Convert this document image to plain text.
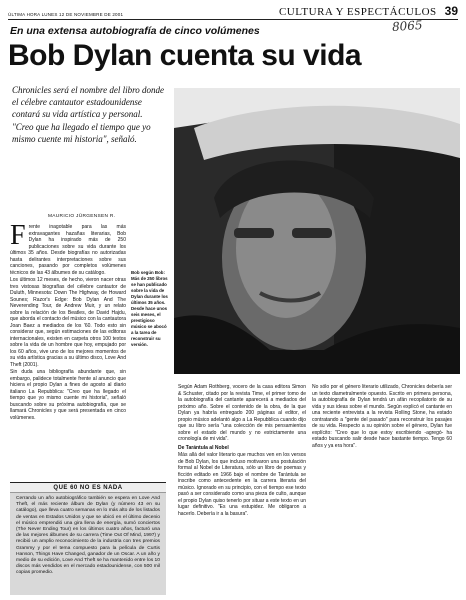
ÚLTIMA HORA LUNES 12 DE NOVIEMBRE DE 2001	CULTURA Y ESPECTÁCULOS 39
8065
En una extensa autobiografía de cinco volúmenes
Bob Dylan cuenta su vida
Chronicles será el nombre del libro donde el célebre cantautor estadounidense contará su vida artística y personal. "Creo que ha llegado el tiempo que yo mismo cuente mi historia", señaló.
MAURICIO JÜRGENSEN R.
Bob según Bob: Más de 250 libros se han publicado sobre la vida de Dylan durante los últimos 35 años. Desde hace unos seis meses, el prestigioso músico se abocó a la tarea de reconstruir su versión.
F rente inagotable para las más extravagantes hazañas literarias, Bob Dylan ha inspirado más de 250 publicaciones sobre su vida durante los últimos 35 años. Desde biografías no autorizadas hasta delirantes interpretaciones sobre sus canciones, pasando por completos volúmenes técnicos de las 43 álbumes de su catálogo.

Los últimos 12 meses, de hecho, vieron nacer otras tres vistosas biografías del célebre cantautor de Duluth, Minnesota: Down The Highway, de Howard Sounes; Razor's Edge: Bob Dylan And The Neverending Tour, de Andrew Muir, y un relato sobre la relación de los Beatles, de David Hajdu, que aborda el contacto del músico con la cantautora Joan Baez a mediados de los '60. Todo esto sin considerar que, según estimaciones de las editoras internacionales, existen en carpeta otros 100 textos sobre la vida de un hombre que hoy, empujado por los 60 años, vive uno de los mejores momentos de su vida artística gracias a su último disco, Love And Theft (2001).

Sin duda una bibliografía abundante que, sin embargo, palidece totalmente frente al anuncio que hiciera el propio Dylan a fines de agosto al diario italiano La Repubblica: "Creo que ha llegado el tiempo que yo mismo cuente mi historia", señaló buscando sobre su próxima autobiografía, que se llamará Chronicles y que será presentada en cinco volúmenes.

Según Adam Rothberg, vocero de la casa editora Simon & Schuster, citado por la revista Time, el primer tomo de la autobiografía del cantante aparecerá a mediados del próximo año. Sobre el contenido de la obra, de la que Dylan ya habría entregado 200 páginas al editor, el propio músico adelantó algo a La Repubblica cuando dijo que su libro sería "una colección de mis pensamientos sobre el estado del mundo y no estrictamente una cronología de mi vida".

De Tarántula al Nobel

Más allá del valor literario que muchos ven en los versos de Bob Dylan, los que incluso motivaron una postulación formal al Nobel de Literatura, sólo un libro de poemas y ficción editado en 1966 bajo el nombre de Tarántula se inscribe como antecedente en la carrera literaria del músico. Ignorado en su principio, con el tiempo ese texto pasó a ser considerado como una pieza de culto, aunque el propio Dylan quiso tenerlo por situar a este texto en un lugar definitivo. "Es una estupidez. Me obligaron a hacerlo. Debería ir a la basura".

No sólo por el género literario utilizado, Chronicles debería ser un texto diametralmente opuesto. Escrito en primera persona, la autobiografía de Dylan tendrá un afán recopilatorio de su vida y sus ideas sobre el mundo. Según explicó el cantante en una reciente entrevista a la revista Rolling Stone, ha estado contratando a "gente del pasado" para reconstruir los pasajes de su vida. Respecto a su opinión sobre el género, Dylan fue explícito: "Creo que lo que estoy escribiendo -agregó- ha estado buscando salir desde hace bastante tiempo. Tengo 60 años y ya era hora".

QUE 60 NO ES NADA
Cerrando un año autobiográfico también se espera en Love And Theft, el más reciente álbum de Dylan (y número 43 en su catálogo), que lleva cuatro semanas en lo más alto de los listados de ventas en Estados Unidos y que se ubicó en el último decenio el músico emprendió una gira llena de energía, sumó conciertos (The Never Ending Tour) en los últimos cuatro años, facturó una de las mejores álbumes de su carrera (Time Out Of Mind, 1997) y recibió un amplio reconocimiento de la industria con tres premios Grammy y por el tema compuesto para la película de Curtis Hanson, Things Have Changed, ganador de un Oscar. A un año y medio de su edición, Love And Theft se ha mantenido entre los 10 discos más vendidos en el mercado estadounidense, con 500 mil copias promedio.
